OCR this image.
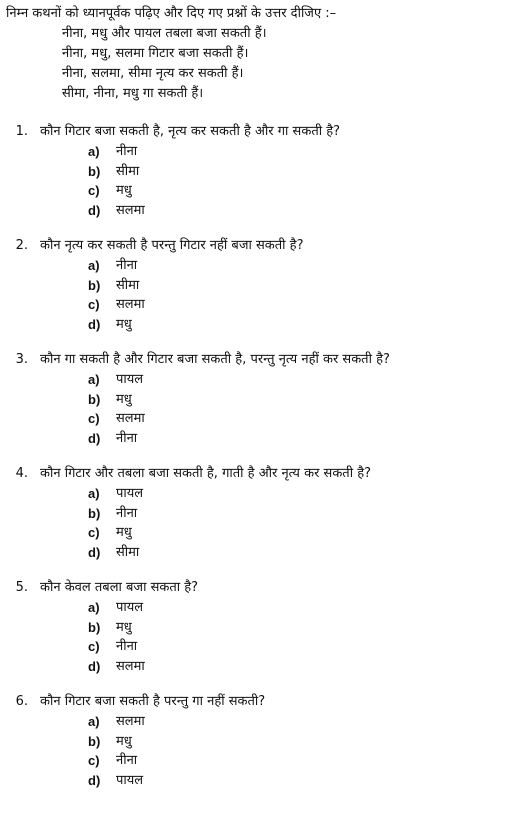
निम्न कथनों को ध्यानपूर्वक पढ़िए और दिए गए प्रश्नों के उत्तर दीजिए :–
नीना, मधु और पायल तबला बजा सकती हैं।
नीना, मधु, सलमा गिटार बजा सकती हैं।
नीना, सलमा, सीमा नृत्य कर सकती हैं।
सीमा, नीना, मधु गा सकती हैं।
1. कौन गिटार बजा सकती है, नृत्य कर सकती है और गा सकती है?
a)	नीना
b)	सीमा
c)	मधु
d)	सलमा
2. कौन नृत्य कर सकती है परन्तु गिटार नहीं बजा सकती है?
a)	नीना
b)	सीमा
c)	सलमा
d)	मधु
3. कौन गा सकती है और गिटार बजा सकती है, परन्तु नृत्य नहीं कर सकती है?
a)	पायल
b)	मधु
c)	सलमा
d)	नीना
4. कौन गिटार और तबला बजा सकती है, गाती है और नृत्य कर सकती है?
a)	पायल
b)	नीना
c)	मधु
d)	सीमा
5. कौन केवल तबला बजा सकता है?
a)	पायल
b)	मधु
c)	नीना
d)	सलमा
6. कौन गिटार बजा सकती है परन्तु गा नहीं सकती?
a)	सलमा
b)	मधु
c)	नीना
d)	पायल
